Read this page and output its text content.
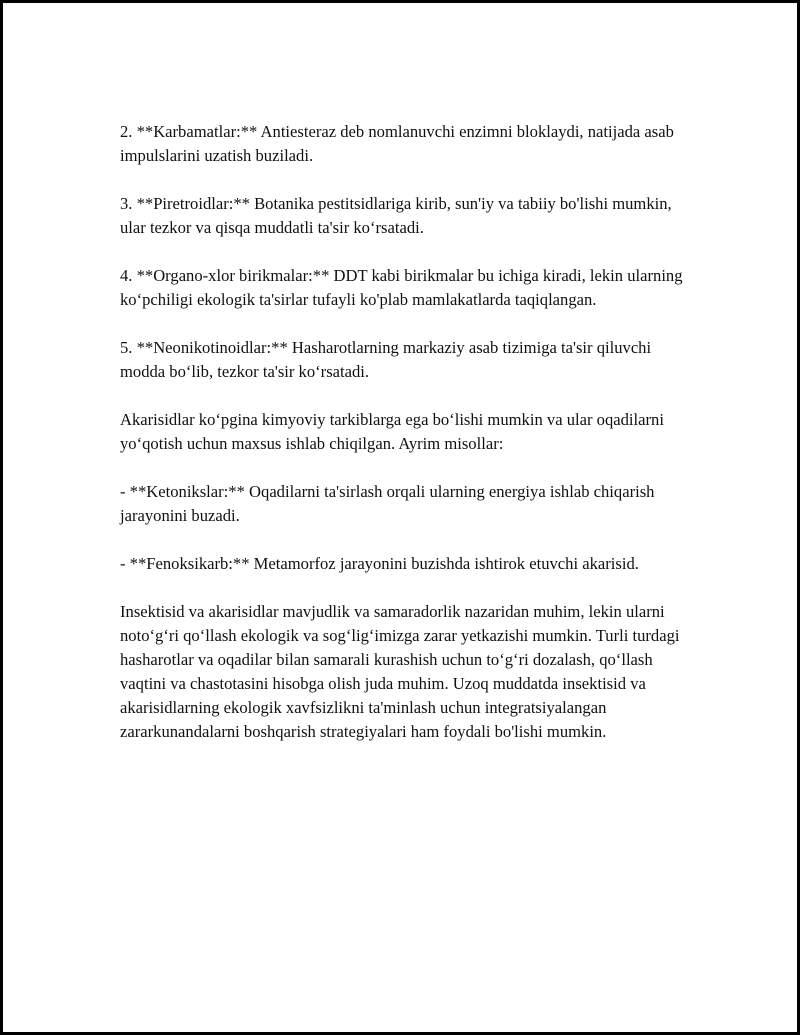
2. **Karbamatlar:** Antiesteraz deb nomlanuvchi enzimni bloklaydi, natijada asab impulslarini uzatish buziladi.

3. **Piretroidlar:** Botanika pestitsidlariga kirib, sun'iy va tabiiy bo'lishi mumkin, ular tezkor va qisqa muddatli ta'sir ko‘rsatadi.

4. **Organo-xlor birikmalar:** DDT kabi birikmalar bu ichiga kiradi, lekin ularning ko‘pchiligi ekologik ta'sirlar tufayli ko'plab mamlakatlarda taqiqlangan.

5. **Neonikotinoidlar:** Hasharotlarning markaziy asab tizimiga ta'sir qiluvchi modda bo‘lib, tezkor ta'sir ko‘rsatadi.

Akarisidlar ko‘pgina kimyoviy tarkiblarga ega bo‘lishi mumkin va ular oqadilarni yo‘qotish uchun maxsus ishlab chiqilgan. Ayrim misollar:

- **Ketonikslar:** Oqadilarni ta'sirlash orqali ularning energiya ishlab chiqarish jarayonini buzadi.

- **Fenoksikarb:** Metamorfoz jarayonini buzishda ishtirok etuvchi akarisid.

Insektisid va akarisidlar mavjudlik va samaradorlik nazaridan muhim, lekin ularni noto‘g‘ri qo‘llash ekologik va sog‘lig‘imizga zarar yetkazishi mumkin. Turli turdagi hasharotlar va oqadilar bilan samarali kurashish uchun to‘g‘ri dozalash, qo‘llash vaqtini va chastotasini hisobga olish juda muhim. Uzoq muddatda insektisid va akarisidlarning ekologik xavfsizlikni ta'minlash uchun integratsiyalangan zararkunandalarni boshqarish strategiyalari ham foydali bo'lishi mumkin.
